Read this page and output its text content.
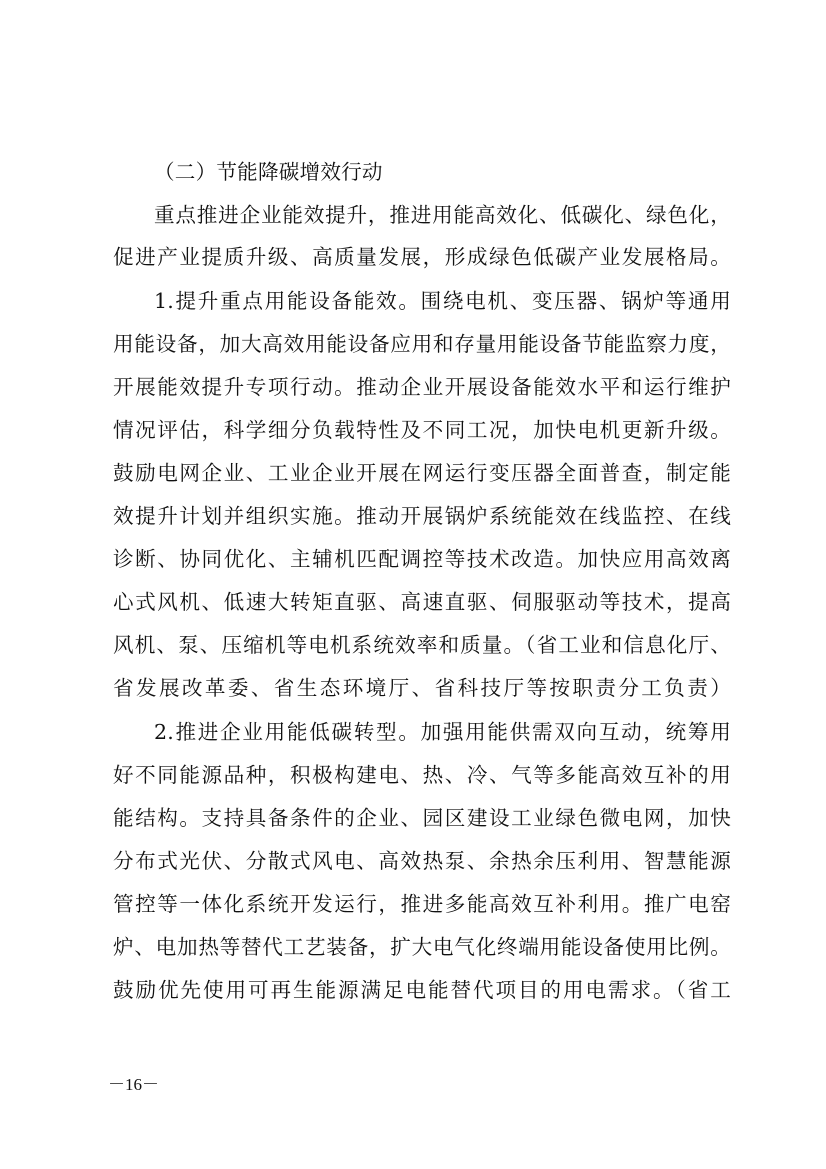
（二）节能降碳增效行动
重点推进企业能效提升，推进用能高效化、低碳化、绿色化，
促进产业提质升级、高质量发展，形成绿色低碳产业发展格局。
1.提升重点用能设备能效。围绕电机、变压器、锅炉等通用
用能设备，加大高效用能设备应用和存量用能设备节能监察力度，
开展能效提升专项行动。推动企业开展设备能效水平和运行维护
情况评估，科学细分负载特性及不同工况，加快电机更新升级。
鼓励电网企业、工业企业开展在网运行变压器全面普查，制定能
效提升计划并组织实施。推动开展锅炉系统能效在线监控、在线
诊断、协同优化、主辅机匹配调控等技术改造。加快应用高效离
心式风机、低速大转矩直驱、高速直驱、伺服驱动等技术，提高
风机、泵、压缩机等电机系统效率和质量。（省工业和信息化厅、
省发展改革委、省生态环境厅、省科技厅等按职责分工负责）
2.推进企业用能低碳转型。加强用能供需双向互动，统筹用
好不同能源品种，积极构建电、热、冷、气等多能高效互补的用
能结构。支持具备条件的企业、园区建设工业绿色微电网，加快
分布式光伏、分散式风电、高效热泵、余热余压利用、智慧能源
管控等一体化系统开发运行，推进多能高效互补利用。推广电窑
炉、电加热等替代工艺装备，扩大电气化终端用能设备使用比例。
鼓励优先使用可再生能源满足电能替代项目的用电需求。（省工
－16－
